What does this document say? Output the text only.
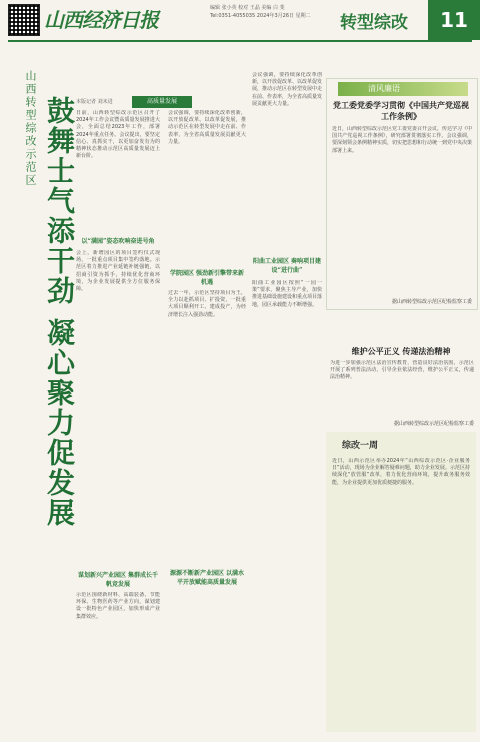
山西经济日报	编辑 张小英 校对 王晶 美编 白 斐
Tel:0351-4055035 2024年3月26日 星期二 转型综改	11
山西转型综改示范区 鼓舞士气添干劲 凝心聚力促发展 本版记者 刘未进	高质量发展
日前，山西转型综改示范区召开了2024年工作会议暨高质量发展推进大会，全面总结2023年工作，部署2024年重点任务。会议提出，要坚定信心、真抓实干，以更加奋发有为的精神状态推动示范区高质量发展迈上新台阶。
以“满园”姿态吹响奋进号角
会上，新增园区的项目签约仪式现场，一批重点项目集中签约落地。示范区着力推进产业延链补链强链，以招商引资为抓手，持续优化营商环境，为企业发展提供全方位服务保障。
谋划新兴产业园区 集群成长千帆竞发展
示范区围绕新材料、高端装备、节能环保、生物医药等产业方向，谋划建设一批特色产业园区，加快形成产业集群效应。
会议强调，要持续深化改革创新，以开放促改革、以改革促发展，推动示范区在转型发展中走在前、作表率，为全省高质量发展贡献更大力量。
学院园区 强劲新引擎带来新机遇
过去一年，示范区坚持项目为王，全力以赴抓项目、扩投资，一批重大项目顺利开工、建成投产，为经济增长注入强劲动能。
源源不断新产业园区 以满水平开放赋能高质量发展
会议强调，要持续深化改革创新，以开放促改革、以改革促发展，推动示范区在转型发展中走在前、作表率，为全省高质量发展贡献更大力量。
阳曲工业园区 奏响项目建设“进行曲”
阳曲工业园区按照“一园一策”要求，聚焦主导产业，加快推进基础设施建设和重点项目落地，园区承载能力不断增强。
清风廉语
党工委党委学习贯彻《中国共产党巡视工作条例》
近日，山西转型综改示范区党工委党委召开会议，传达学习《中国共产党巡视工作条例》，研究部署贯彻落实工作。会议强调，要深刻领会条例精神实质，切实把思想和行动统一到党中央决策部署上来。
据山西转型综改示范区纪检监察工委
维护公平正义 传递法治精神
为进一步加强示范区法治宣传教育，营造良好法治氛围，示范区开展了系列普法活动，引导企业依法经营，维护公平正义，传递法治精神。
据山西转型综改示范区纪检监察工委
综改一周
近日，山西示范区举办2024年“山西综改示范区·企业服务日”活动，现场为企业解答疑难问题，助力企业发展。示范区持续深化“放管服”改革，着力优化营商环境，提升政务服务效能，为企业提供更加优质便捷的服务。
